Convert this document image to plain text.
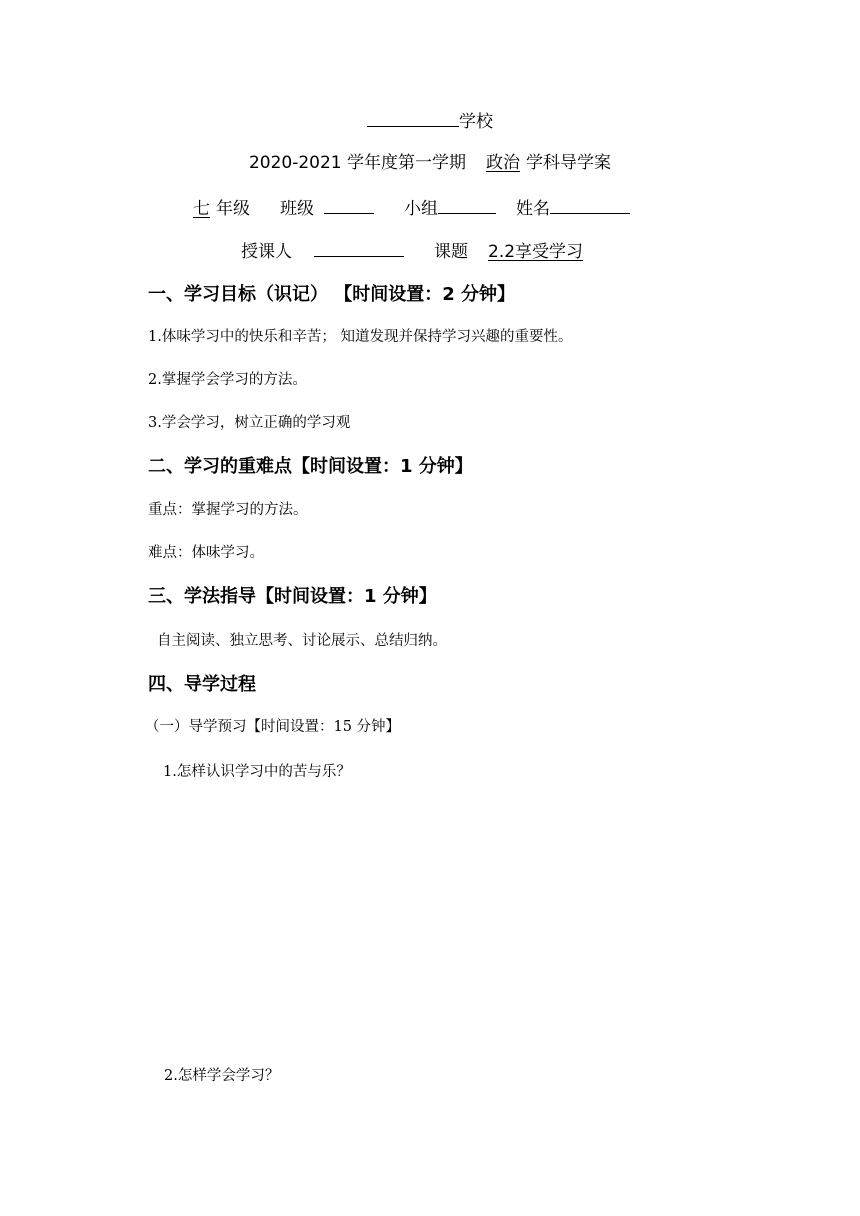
学校
2020-2021 学年度第一学期 政治 学科导学案
七 年级 班级	小组	姓名
授课人	课题 2.2享受学习
一、学习目标（识记） 【时间设置：2 分钟】
1.体味学习中的快乐和辛苦； 知道发现并保持学习兴趣的重要性。
2.掌握学会学习的方法。
3.学会学习，树立正确的学习观
二、学习的重难点【时间设置：1 分钟】
重点：掌握学习的方法。
难点：体味学习。
三、学法指导【时间设置：1 分钟】
自主阅读、独立思考、讨论展示、总结归纳。
四、导学过程
（一）导学预习【时间设置：15 分钟】
1.怎样认识学习中的苦与乐？
2.怎样学会学习？
